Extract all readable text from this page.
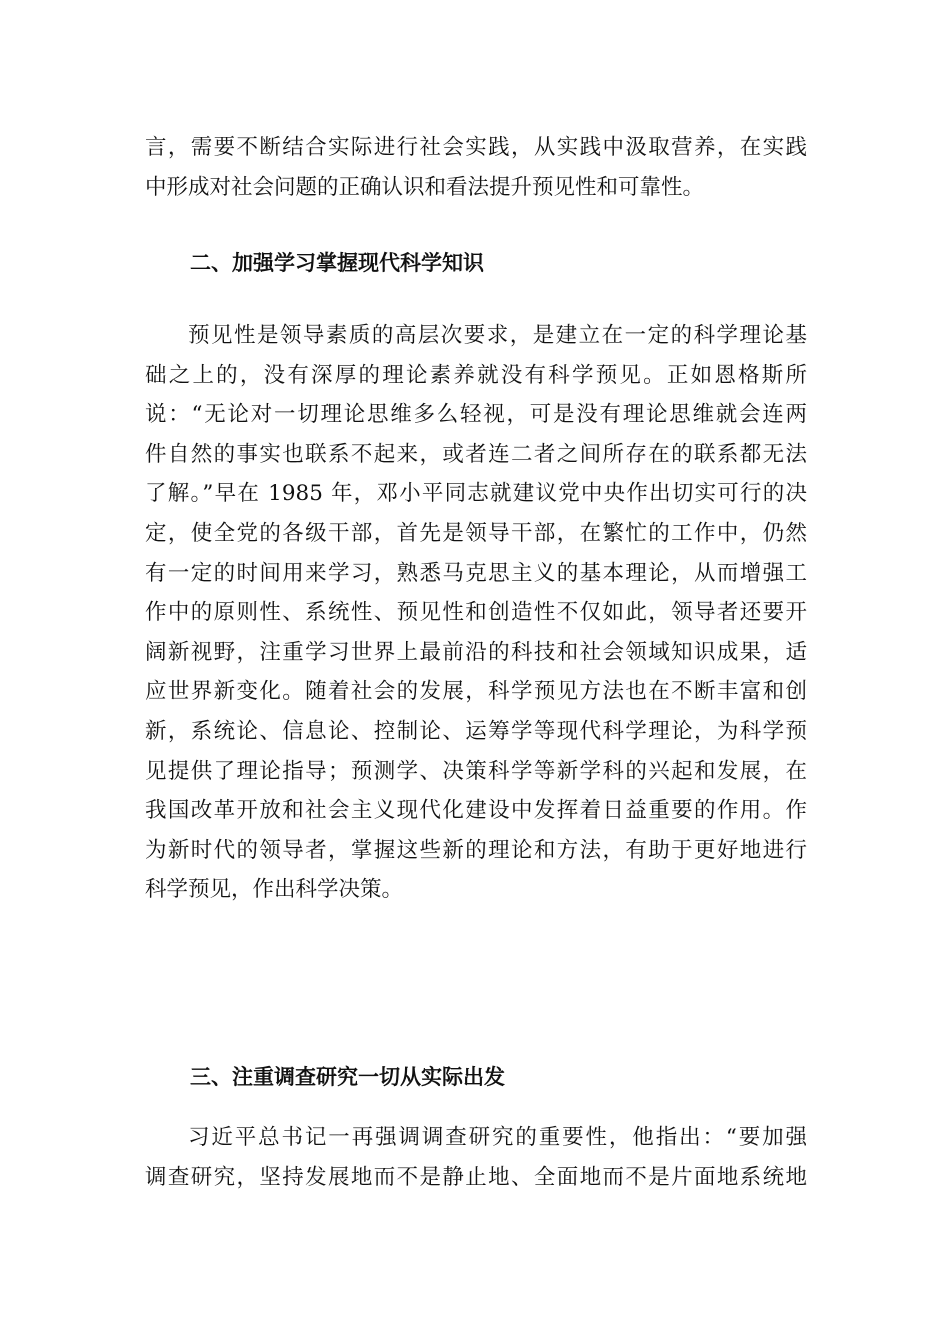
言，需要不断结合实际进行社会实践，从实践中汲取营养，在实践
中形成对社会问题的正确认识和看法提升预见性和可靠性。
二、加强学习掌握现代科学知识
预见性是领导素质的高层次要求，是建立在一定的科学理论基
础之上的，没有深厚的理论素养就没有科学预见。正如恩格斯所
说：“无论对一切理论思维多么轻视，可是没有理论思维就会连两
件自然的事实也联系不起来，或者连二者之间所存在的联系都无法
了解。”早在 1985 年，邓小平同志就建议党中央作出切实可行的决
定，使全党的各级干部，首先是领导干部，在繁忙的工作中，仍然
有一定的时间用来学习，熟悉马克思主义的基本理论，从而增强工
作中的原则性、系统性、预见性和创造性不仅如此，领导者还要开
阔新视野，注重学习世界上最前沿的科技和社会领域知识成果，适
应世界新变化。随着社会的发展，科学预见方法也在不断丰富和创
新，系统论、信息论、控制论、运筹学等现代科学理论，为科学预
见提供了理论指导；预测学、决策科学等新学科的兴起和发展，在
我国改革开放和社会主义现代化建设中发挥着日益重要的作用。作
为新时代的领导者，掌握这些新的理论和方法，有助于更好地进行
科学预见，作出科学决策。
三、注重调查研究一切从实际出发
习近平总书记一再强调调查研究的重要性，他指出：“要加强
调查研究，坚持发展地而不是静止地、全面地而不是片面地系统地
